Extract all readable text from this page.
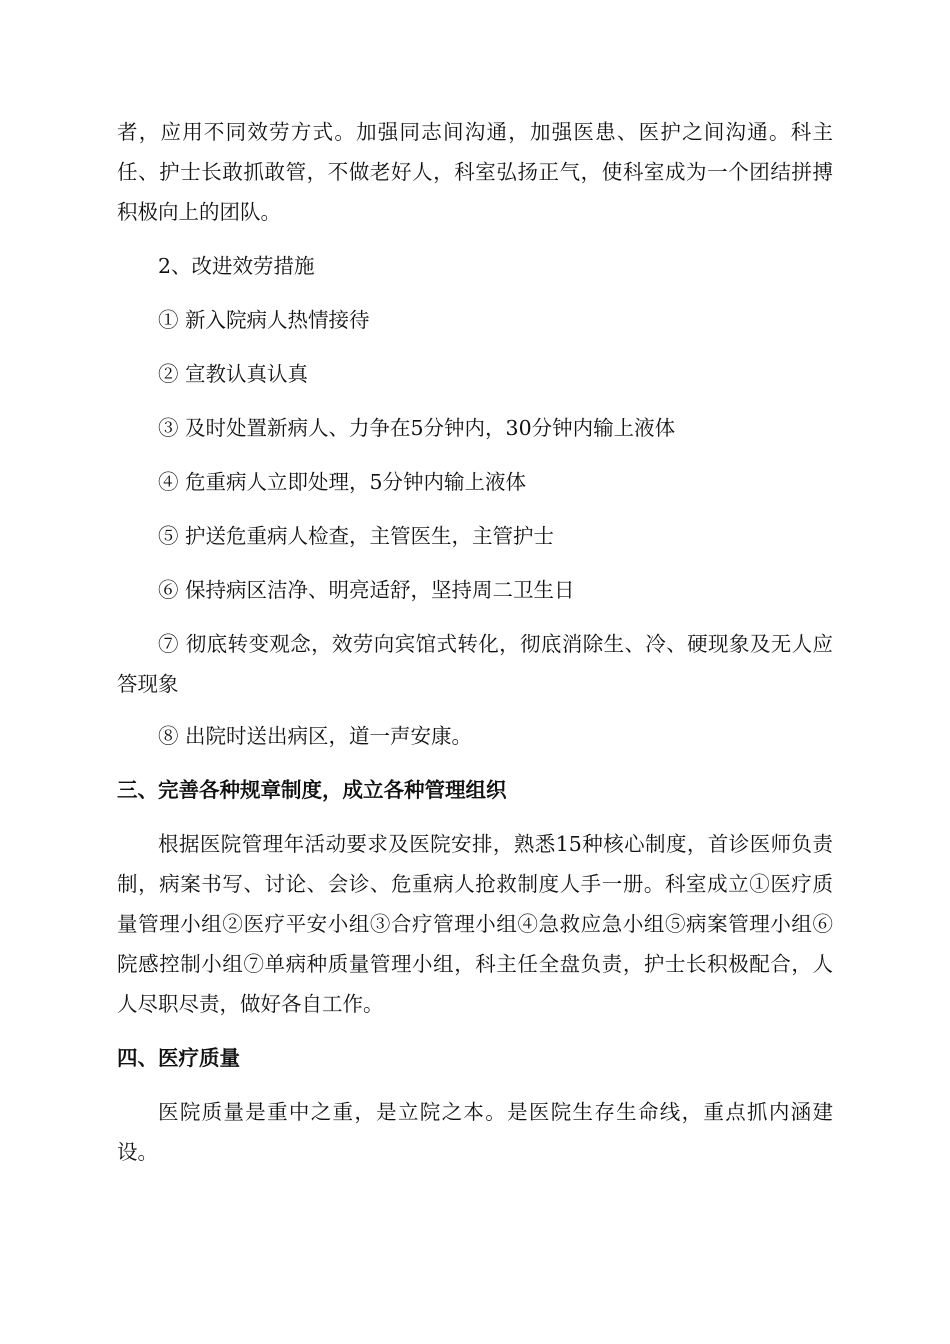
者，应用不同效劳方式。加强同志间沟通，加强医患、医护之间沟通。科主任、护士长敢抓敢管，不做老好人，科室弘扬正气，使科室成为一个团结拼搏积极向上的团队。

2、改进效劳措施

① 新入院病人热情接待

② 宣教认真认真

③ 及时处置新病人、力争在5分钟内，30分钟内输上液体

④ 危重病人立即处理，5分钟内输上液体

⑤ 护送危重病人检查，主管医生，主管护士

⑥ 保持病区洁净、明亮适舒，坚持周二卫生日

⑦ 彻底转变观念，效劳向宾馆式转化，彻底消除生、冷、硬现象及无人应答现象

⑧ 出院时送出病区，道一声安康。

三、完善各种规章制度，成立各种管理组织

根据医院管理年活动要求及医院安排，熟悉15种核心制度，首诊医师负责制，病案书写、讨论、会诊、危重病人抢救制度人手一册。科室成立①医疗质量管理小组②医疗平安小组③合疗管理小组④急救应急小组⑤病案管理小组⑥院感控制小组⑦单病种质量管理小组，科主任全盘负责，护士长积极配合，人人尽职尽责，做好各自工作。

四、医疗质量

医院质量是重中之重，是立院之本。是医院生存生命线，重点抓内涵建设。
